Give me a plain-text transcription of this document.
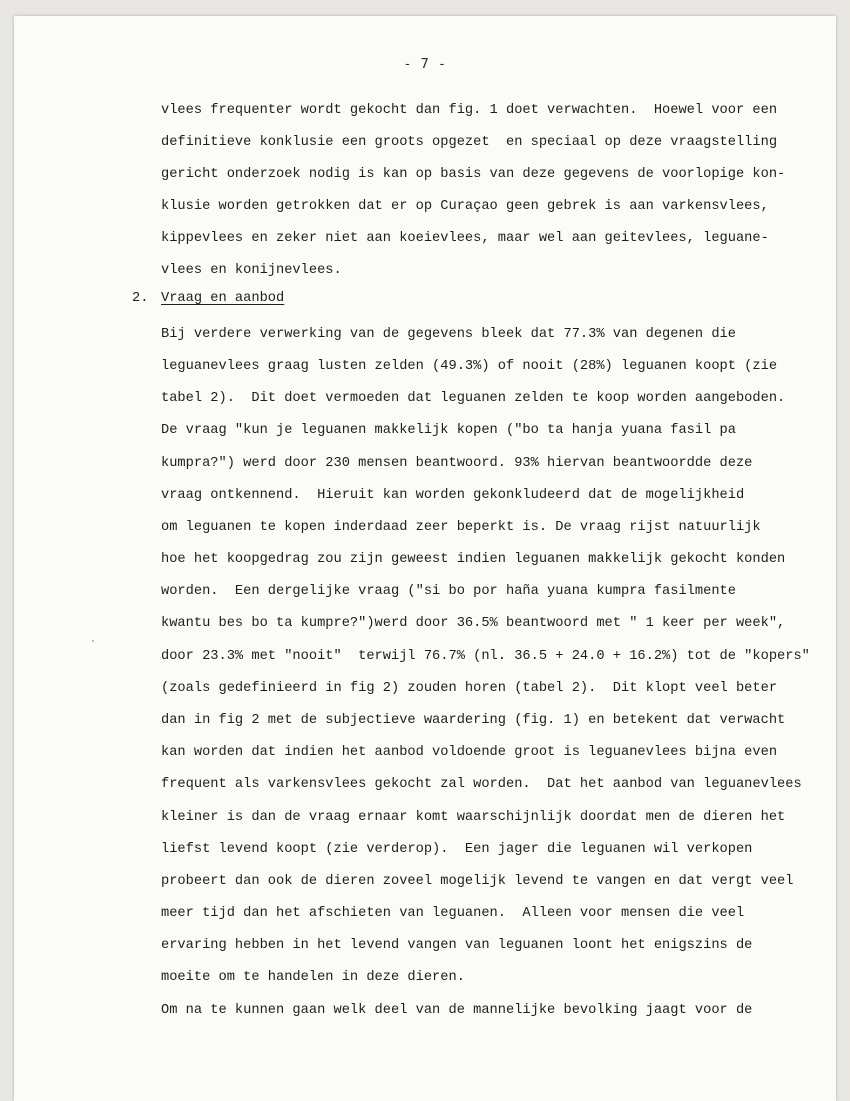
- 7 -
vlees frequenter wordt gekocht dan fig. 1 doet verwachten.  Hoewel voor een
definitieve konklusie een groots opgezet  en speciaal op deze vraagstelling
gericht onderzoek nodig is kan op basis van deze gegevens de voorlopige kon-
klusie worden getrokken dat er op Curaçao geen gebrek is aan varkensvlees,
kippevlees en zeker niet aan koeievlees, maar wel aan geitevlees, leguane-
vlees en konijnevlees.
2. Vraag en aanbod
Bij verdere verwerking van de gegevens bleek dat 77.3% van degenen die
leguanevlees graag lusten zelden (49.3%) of nooit (28%) leguanen koopt (zie
tabel 2).  Dit doet vermoeden dat leguanen zelden te koop worden aangeboden.
De vraag "kun je leguanen makkelijk kopen ("bo ta hanja yuana fasil pa
kumpra?") werd door 230 mensen beantwoord. 93% hiervan beantwoordde deze
vraag ontkennend.  Hieruit kan worden gekonkludeerd dat de mogelijkheid
om leguanen te kopen inderdaad zeer beperkt is. De vraag rijst natuurlijk
hoe het koopgedrag zou zijn geweest indien leguanen makkelijk gekocht konden
worden.  Een dergelijke vraag ("si bo por haña yuana kumpra fasilmente
kwantu bes bo ta kumpre?")werd door 36.5% beantwoord met " 1 keer per week",
door 23.3% met "nooit"  terwijl 76.7% (nl. 36.5 + 24.0 + 16.2%) tot de "kopers"
(zoals gedefinieerd in fig 2) zouden horen (tabel 2).  Dit klopt veel beter
dan in fig 2 met de subjectieve waardering (fig. 1) en betekent dat verwacht
kan worden dat indien het aanbod voldoende groot is leguanevlees bijna even
frequent als varkensvlees gekocht zal worden.  Dat het aanbod van leguanevlees
kleiner is dan de vraag ernaar komt waarschijnlijk doordat men de dieren het
liefst levend koopt (zie verderop).  Een jager die leguanen wil verkopen
probeert dan ook de dieren zoveel mogelijk levend te vangen en dat vergt veel
meer tijd dan het afschieten van leguanen.  Alleen voor mensen die veel
ervaring hebben in het levend vangen van leguanen loont het enigszins de
moeite om te handelen in deze dieren.
Om na te kunnen gaan welk deel van de mannelijke bevolking jaagt voor de
